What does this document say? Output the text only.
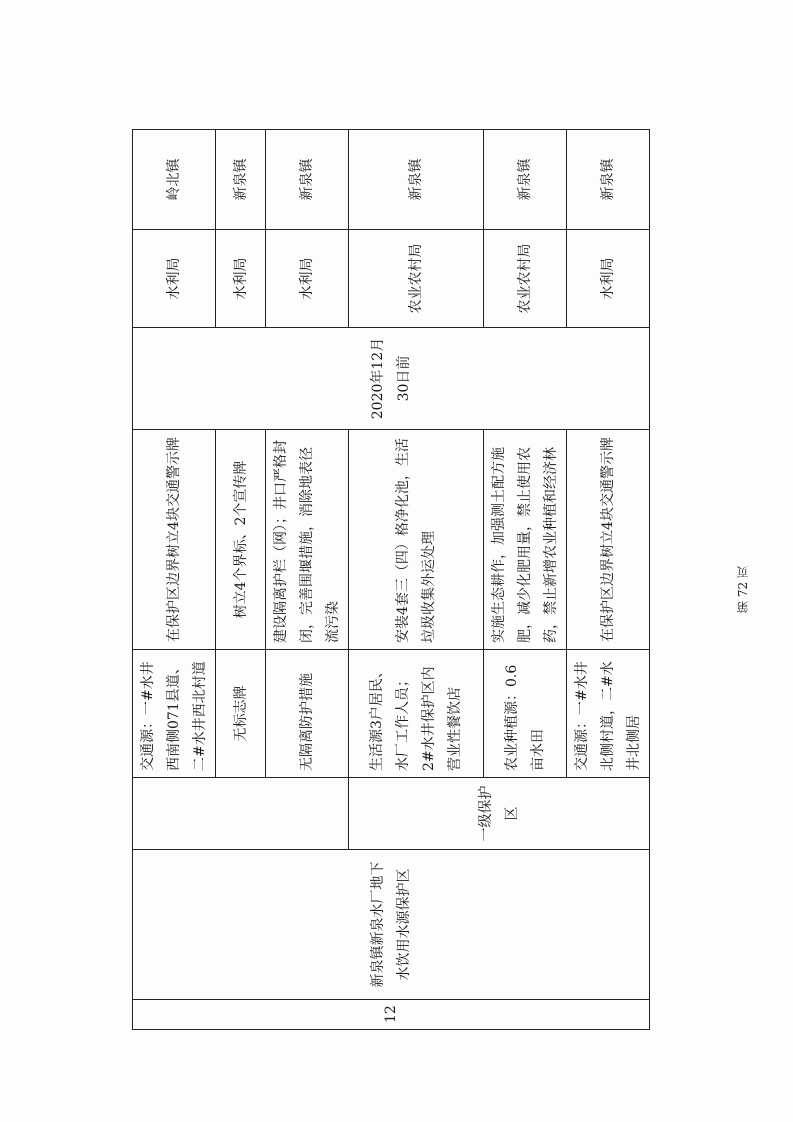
12	新泉镇新泉水厂地下水饮用水源保护区		交通源：一#水井西南侧071县道、二#水井西北村道	在保护区边界树立4块交通警示牌	2020年12月30日前	水利局	岭北镇
			无标志牌	树立4个界标、2个宣传牌		水利局	新泉镇
			无隔离防护措施	建设隔离护栏（网）；井口严格封闭，完善围堰措施，消除地表径流污染		水利局	新泉镇
		一级保护区	生活源3户居民、水厂工作人员；2#水井保护区内营业性餐饮店	安装4套三（四）格净化池，生活垃圾收集外运处理		农业农村局	新泉镇
			农业种植源：0.6亩水田	实施生态耕作，加强测土配方施肥，减少化肥用量，禁止使用农药，禁止新增农业种植和经济林		农业农村局	新泉镇
			交通源：一#水井北侧村道，二#水井北侧居	在保护区边界树立4块交通警示牌		水利局	新泉镇
第 72 页
